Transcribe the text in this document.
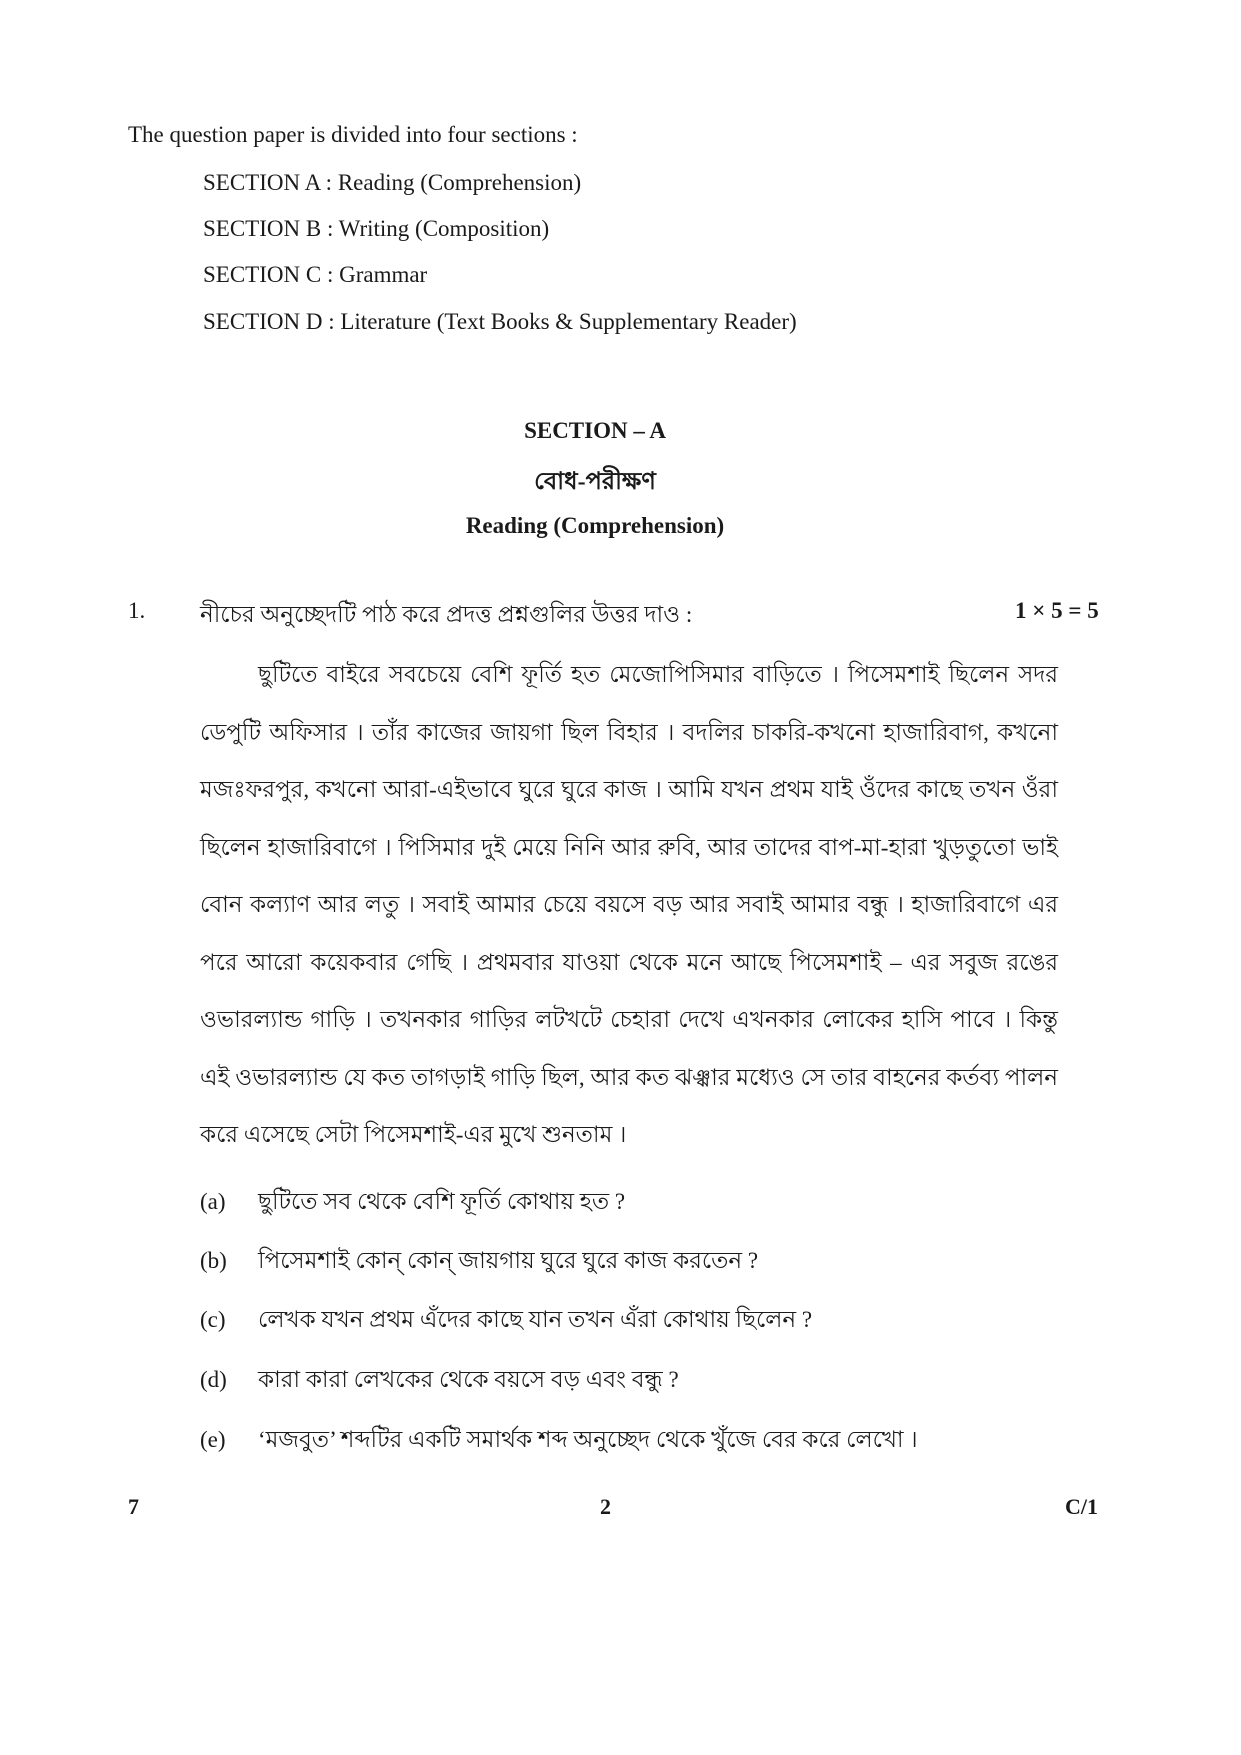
The question paper is divided into four sections :
SECTION A : Reading (Comprehension)
SECTION B : Writing (Composition)
SECTION C : Grammar
SECTION D : Literature (Text Books & Supplementary Reader)
SECTION – A
বোধ-পরীক্ষণ
Reading (Comprehension)
1. নীচের অনুচ্ছেদটি পাঠ করে প্রদত্ত প্রশ্নগুলির উত্তর দাও :	1 × 5 = 5
ছুটিতে বাইরে সবচেয়ে বেশি ফূর্তি হত মেজোপিসিমার বাড়িতে । পিসেমশাই ছিলেন সদর ডেপুটি অফিসার । তাঁর কাজের জায়গা ছিল বিহার । বদলির চাকরি-কখনো হাজারিবাগ, কখনো মজঃফরপুর, কখনো আরা-এইভাবে ঘুরে ঘুরে কাজ । আমি যখন প্রথম যাই ওঁদের কাছে তখন ওঁরা ছিলেন হাজারিবাগে । পিসিমার দুই মেয়ে নিনি আর রুবি, আর তাদের বাপ-মা-হারা খুড়তুতো ভাই বোন কল্যাণ আর লতু । সবাই আমার চেয়ে বয়সে বড় আর সবাই আমার বন্ধু । হাজারিবাগে এর পরে আরো কয়েকবার গেছি । প্রথমবার যাওয়া থেকে মনে আছে পিসেমশাই – এর সবুজ রঙের ওভারল্যান্ড গাড়ি । তখনকার গাড়ির লটখটে চেহারা দেখে এখনকার লোকের হাসি পাবে । কিন্তু এই ওভারল্যান্ড যে কত তাগড়াই গাড়ি ছিল, আর কত ঝঞ্ঝার মধ্যেও সে তার বাহনের কর্তব্য পালন করে এসেছে সেটা পিসেমশাই-এর মুখে শুনতাম ।
(a) ছুটিতে সব থেকে বেশি ফূর্তি কোথায় হত ?
(b) পিসেমশাই কোন্ কোন্ জায়গায় ঘুরে ঘুরে কাজ করতেন ?
(c) লেখক যখন প্রথম এঁদের কাছে যান তখন এঁরা কোথায় ছিলেন ?
(d) কারা কারা লেখকের থেকে বয়সে বড় এবং বন্ধু ?
(e) ‘মজবুত’ শব্দটির একটি সমার্থক শব্দ অনুচ্ছেদ থেকে খুঁজে বের করে লেখো ।
7	2	C/1
